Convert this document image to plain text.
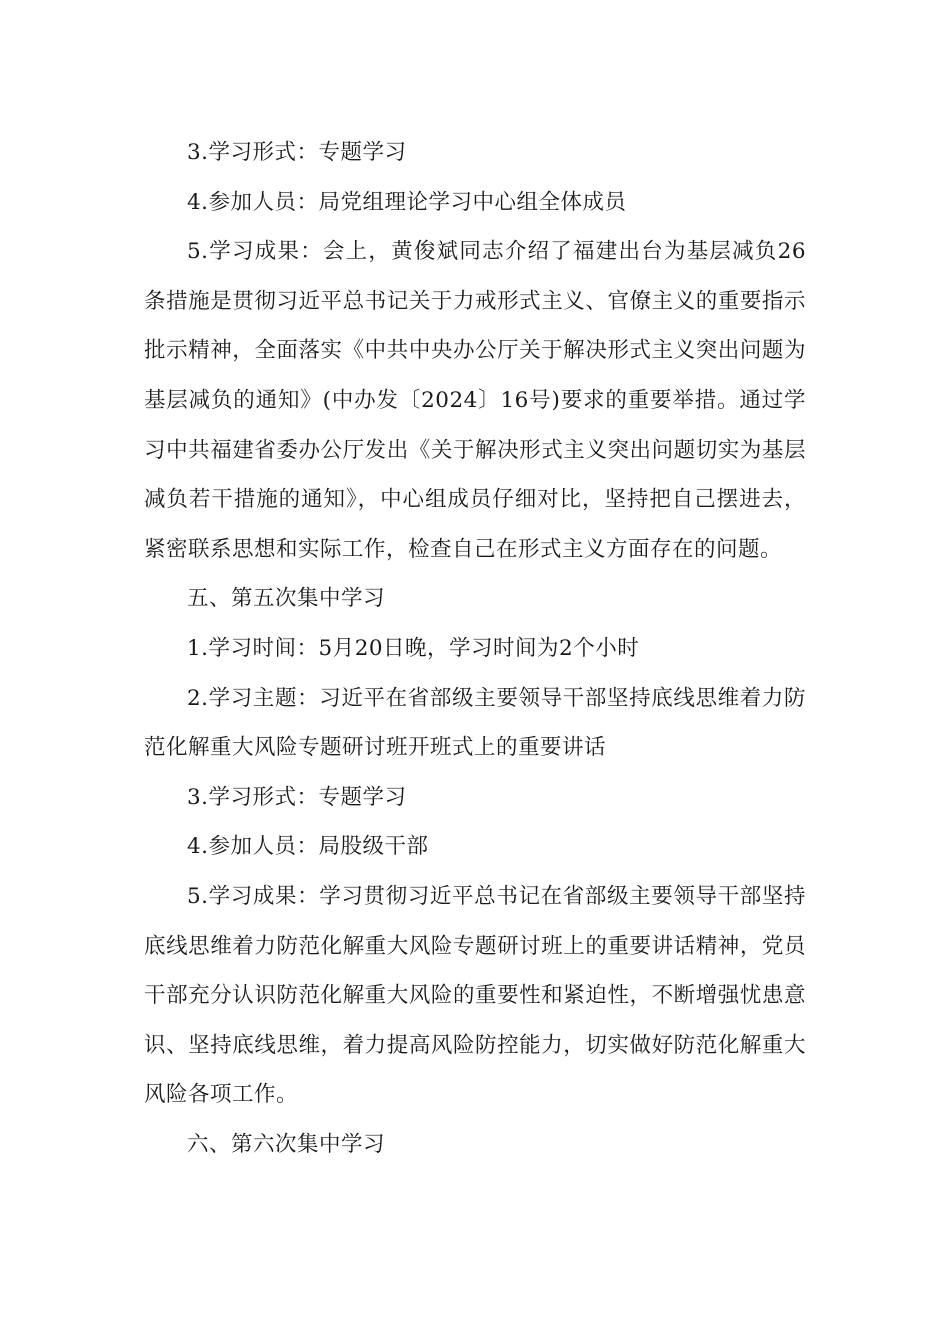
3.学习形式：专题学习

4.参加人员：局党组理论学习中心组全体成员

5.学习成果：会上，黄俊斌同志介绍了福建出台为基层减负26条措施是贯彻习近平总书记关于力戒形式主义、官僚主义的重要指示批示精神，全面落实《中共中央办公厅关于解决形式主义突出问题为基层减负的通知》(中办发〔2024〕16号)要求的重要举措。通过学习中共福建省委办公厅发出《关于解决形式主义突出问题切实为基层减负若干措施的通知》，中心组成员仔细对比，坚持把自己摆进去，紧密联系思想和实际工作，检查自己在形式主义方面存在的问题。

五、第五次集中学习

1.学习时间：5月20日晚，学习时间为2个小时

2.学习主题：习近平在省部级主要领导干部坚持底线思维着力防范化解重大风险专题研讨班开班式上的重要讲话

3.学习形式：专题学习

4.参加人员：局股级干部

5.学习成果：学习贯彻习近平总书记在省部级主要领导干部坚持底线思维着力防范化解重大风险专题研讨班上的重要讲话精神，党员干部充分认识防范化解重大风险的重要性和紧迫性，不断增强忧患意识、坚持底线思维，着力提高风险防控能力，切实做好防范化解重大风险各项工作。

六、第六次集中学习
